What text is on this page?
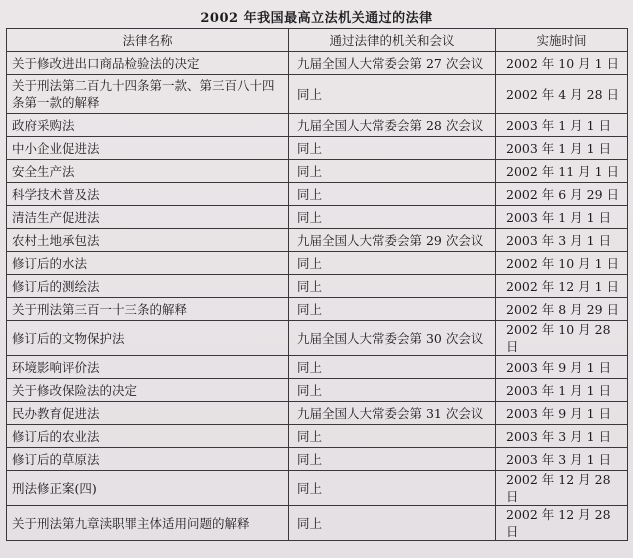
2002 年我国最高立法机关通过的法律
法律名称	通过法律的机关和会议	实施时间
关于修改进出口商品检验法的决定	九届全国人大常委会第 27 次会议	2002 年 10 月 1 日
关于刑法第二百九十四条第一款、第三百八十四条第一款的解释	同上	2002 年 4 月 28 日
政府采购法	九届全国人大常委会第 28 次会议	2003 年 1 月 1 日
中小企业促进法	同上	2003 年 1 月 1 日
安全生产法	同上	2002 年 11 月 1 日
科学技术普及法	同上	2002 年 6 月 29 日
清洁生产促进法	同上	2003 年 1 月 1 日
农村土地承包法	九届全国人大常委会第 29 次会议	2003 年 3 月 1 日
修订后的水法	同上	2002 年 10 月 1 日
修订后的测绘法	同上	2002 年 12 月 1 日
关于刑法第三百一十三条的解释	同上	2002 年 8 月 29 日
修订后的文物保护法	九届全国人大常委会第 30 次会议	2002 年 10 月 28 日
环境影响评价法	同上	2003 年 9 月 1 日
关于修改保险法的决定	同上	2003 年 1 月 1 日
民办教育促进法	九届全国人大常委会第 31 次会议	2003 年 9 月 1 日
修订后的农业法	同上	2003 年 3 月 1 日
修订后的草原法	同上	2003 年 3 月 1 日
刑法修正案(四)	同上	2002 年 12 月 28 日
关于刑法第九章渎职罪主体适用问题的解释	同上	2002 年 12 月 28 日
